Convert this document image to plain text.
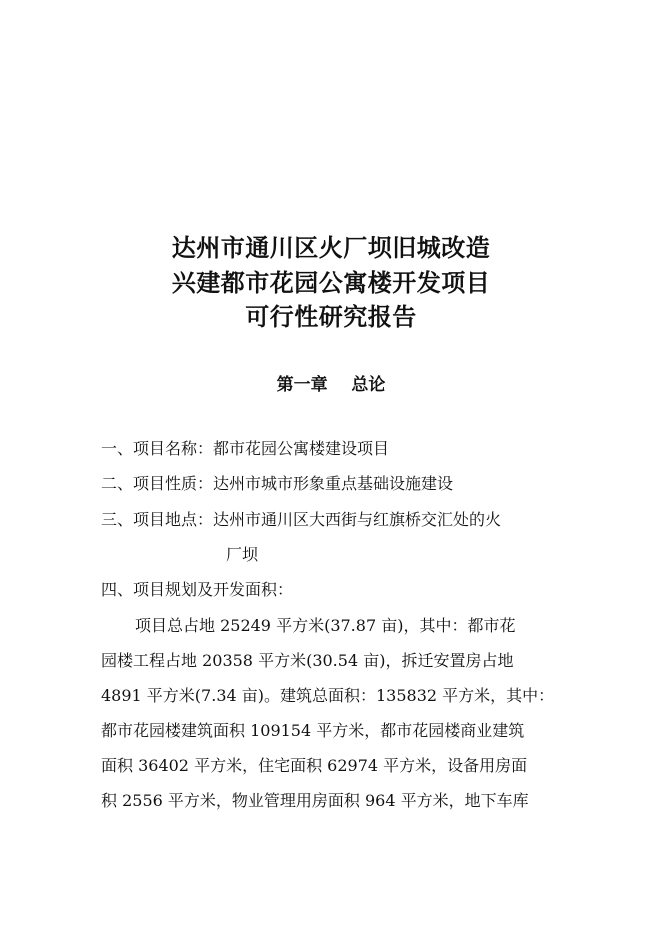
达州市通川区火厂坝旧城改造
兴建都市花园公寓楼开发项目
可行性研究报告
第一章    总论
一、项目名称：都市花园公寓楼建设项目
二、项目性质：达州市城市形象重点基础设施建设
三、项目地点：达州市通川区大西街与红旗桥交汇处的火
厂坝
四、项目规划及开发面积：
项目总占地 25249 平方米(37.87 亩)，其中：都市花
园楼工程占地 20358 平方米(30.54 亩)，拆迁安置房占地
4891 平方米(7.34 亩)。建筑总面积：135832 平方米，其中：
都市花园楼建筑面积 109154 平方米，都市花园楼商业建筑
面积 36402 平方米，住宅面积 62974 平方米，设备用房面
积 2556 平方米，物业管理用房面积 964 平方米，地下车库
